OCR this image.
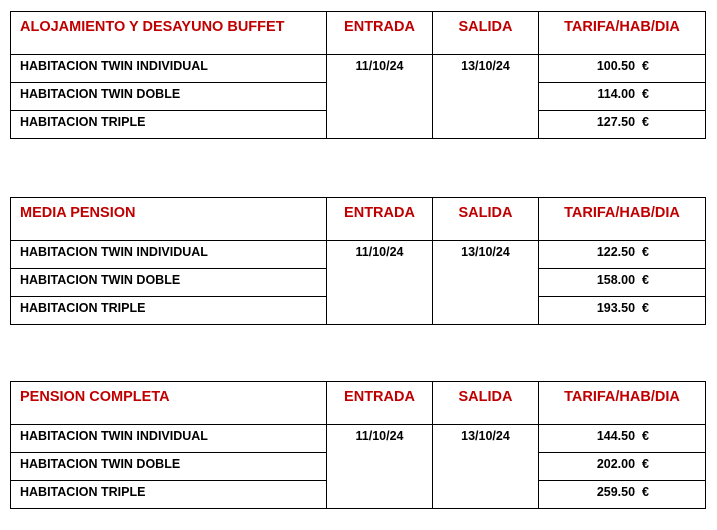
ALOJAMIENTO Y DESAYUNO BUFFET	ENTRADA	SALIDA	TARIFA/HAB/DIA
HABITACION TWIN INDIVIDUAL	11/10/24	13/10/24	100.50 €

HABITACION TWIN DOBLE			114.00 €

HABITACION TRIPLE			127.50 €
MEDIA PENSION	ENTRADA	SALIDA	TARIFA/HAB/DIA
HABITACION TWIN INDIVIDUAL	11/10/24	13/10/24	122.50 €

HABITACION TWIN DOBLE			158.00 €

HABITACION TRIPLE			193.50 €
PENSION COMPLETA	ENTRADA	SALIDA	TARIFA/HAB/DIA
HABITACION TWIN INDIVIDUAL	11/10/24	13/10/24	144.50 €

HABITACION TWIN DOBLE			202.00 €

HABITACION TRIPLE			259.50 €
